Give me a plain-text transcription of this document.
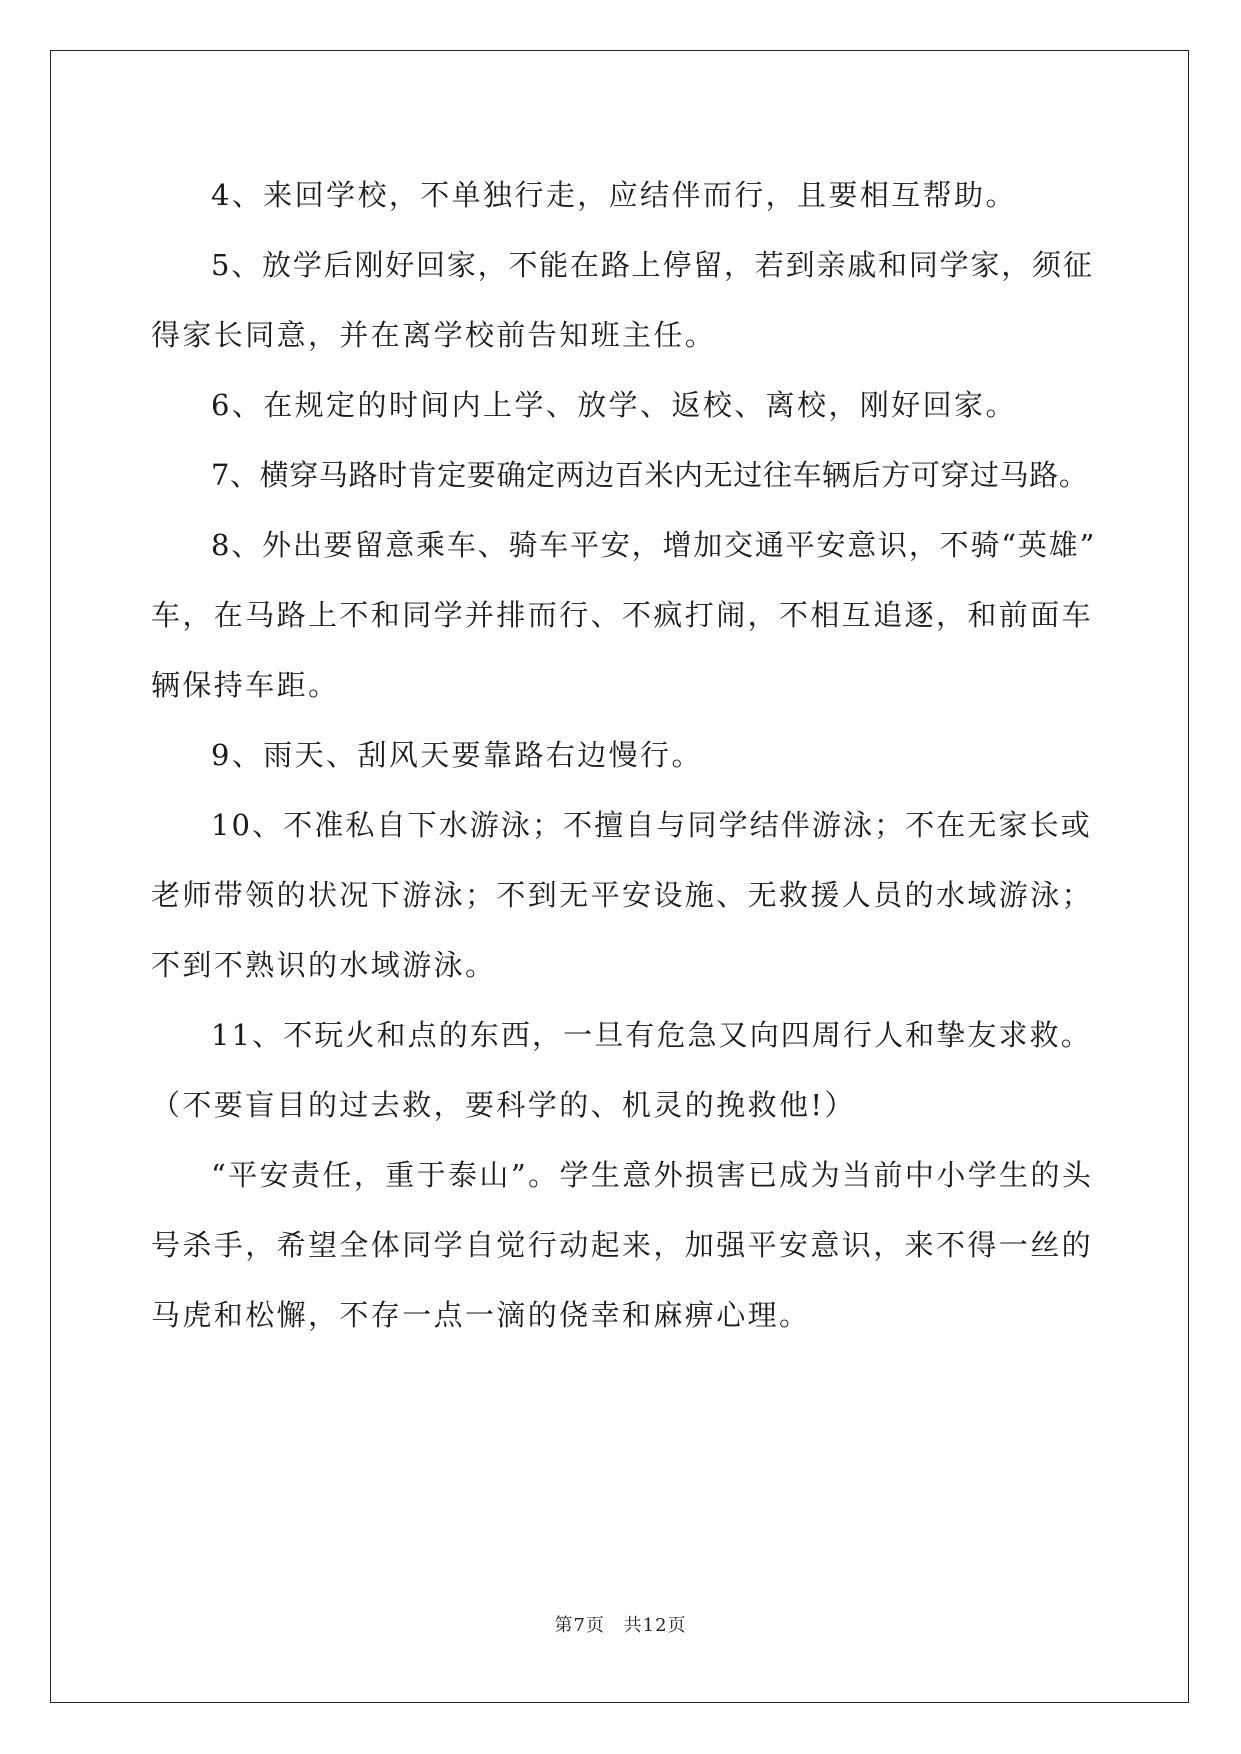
4、来回学校，不单独行走，应结伴而行，且要相互帮助。

5、放学后刚好回家，不能在路上停留，若到亲戚和同学家，须征
得家长同意，并在离学校前告知班主任。

6、在规定的时间内上学、放学、返校、离校，刚好回家。

7、横穿马路时肯定要确定两边百米内无过往车辆后方可穿过马路。

8、外出要留意乘车、骑车平安，增加交通平安意识，不骑“英雄”
车，在马路上不和同学并排而行、不疯打闹，不相互追逐，和前面车
辆保持车距。

9、雨天、刮风天要靠路右边慢行。

10、不准私自下水游泳；不擅自与同学结伴游泳；不在无家长或
老师带领的状况下游泳；不到无平安设施、无救援人员的水域游泳；
不到不熟识的水域游泳。

11、不玩火和点的东西，一旦有危急又向四周行人和挚友求救。
（不要盲目的过去救，要科学的、机灵的挽救他!）

“平安责任，重于泰山”。学生意外损害已成为当前中小学生的头
号杀手，希望全体同学自觉行动起来，加强平安意识，来不得一丝的
马虎和松懈，不存一点一滴的侥幸和麻痹心理。

第7页 共12页
